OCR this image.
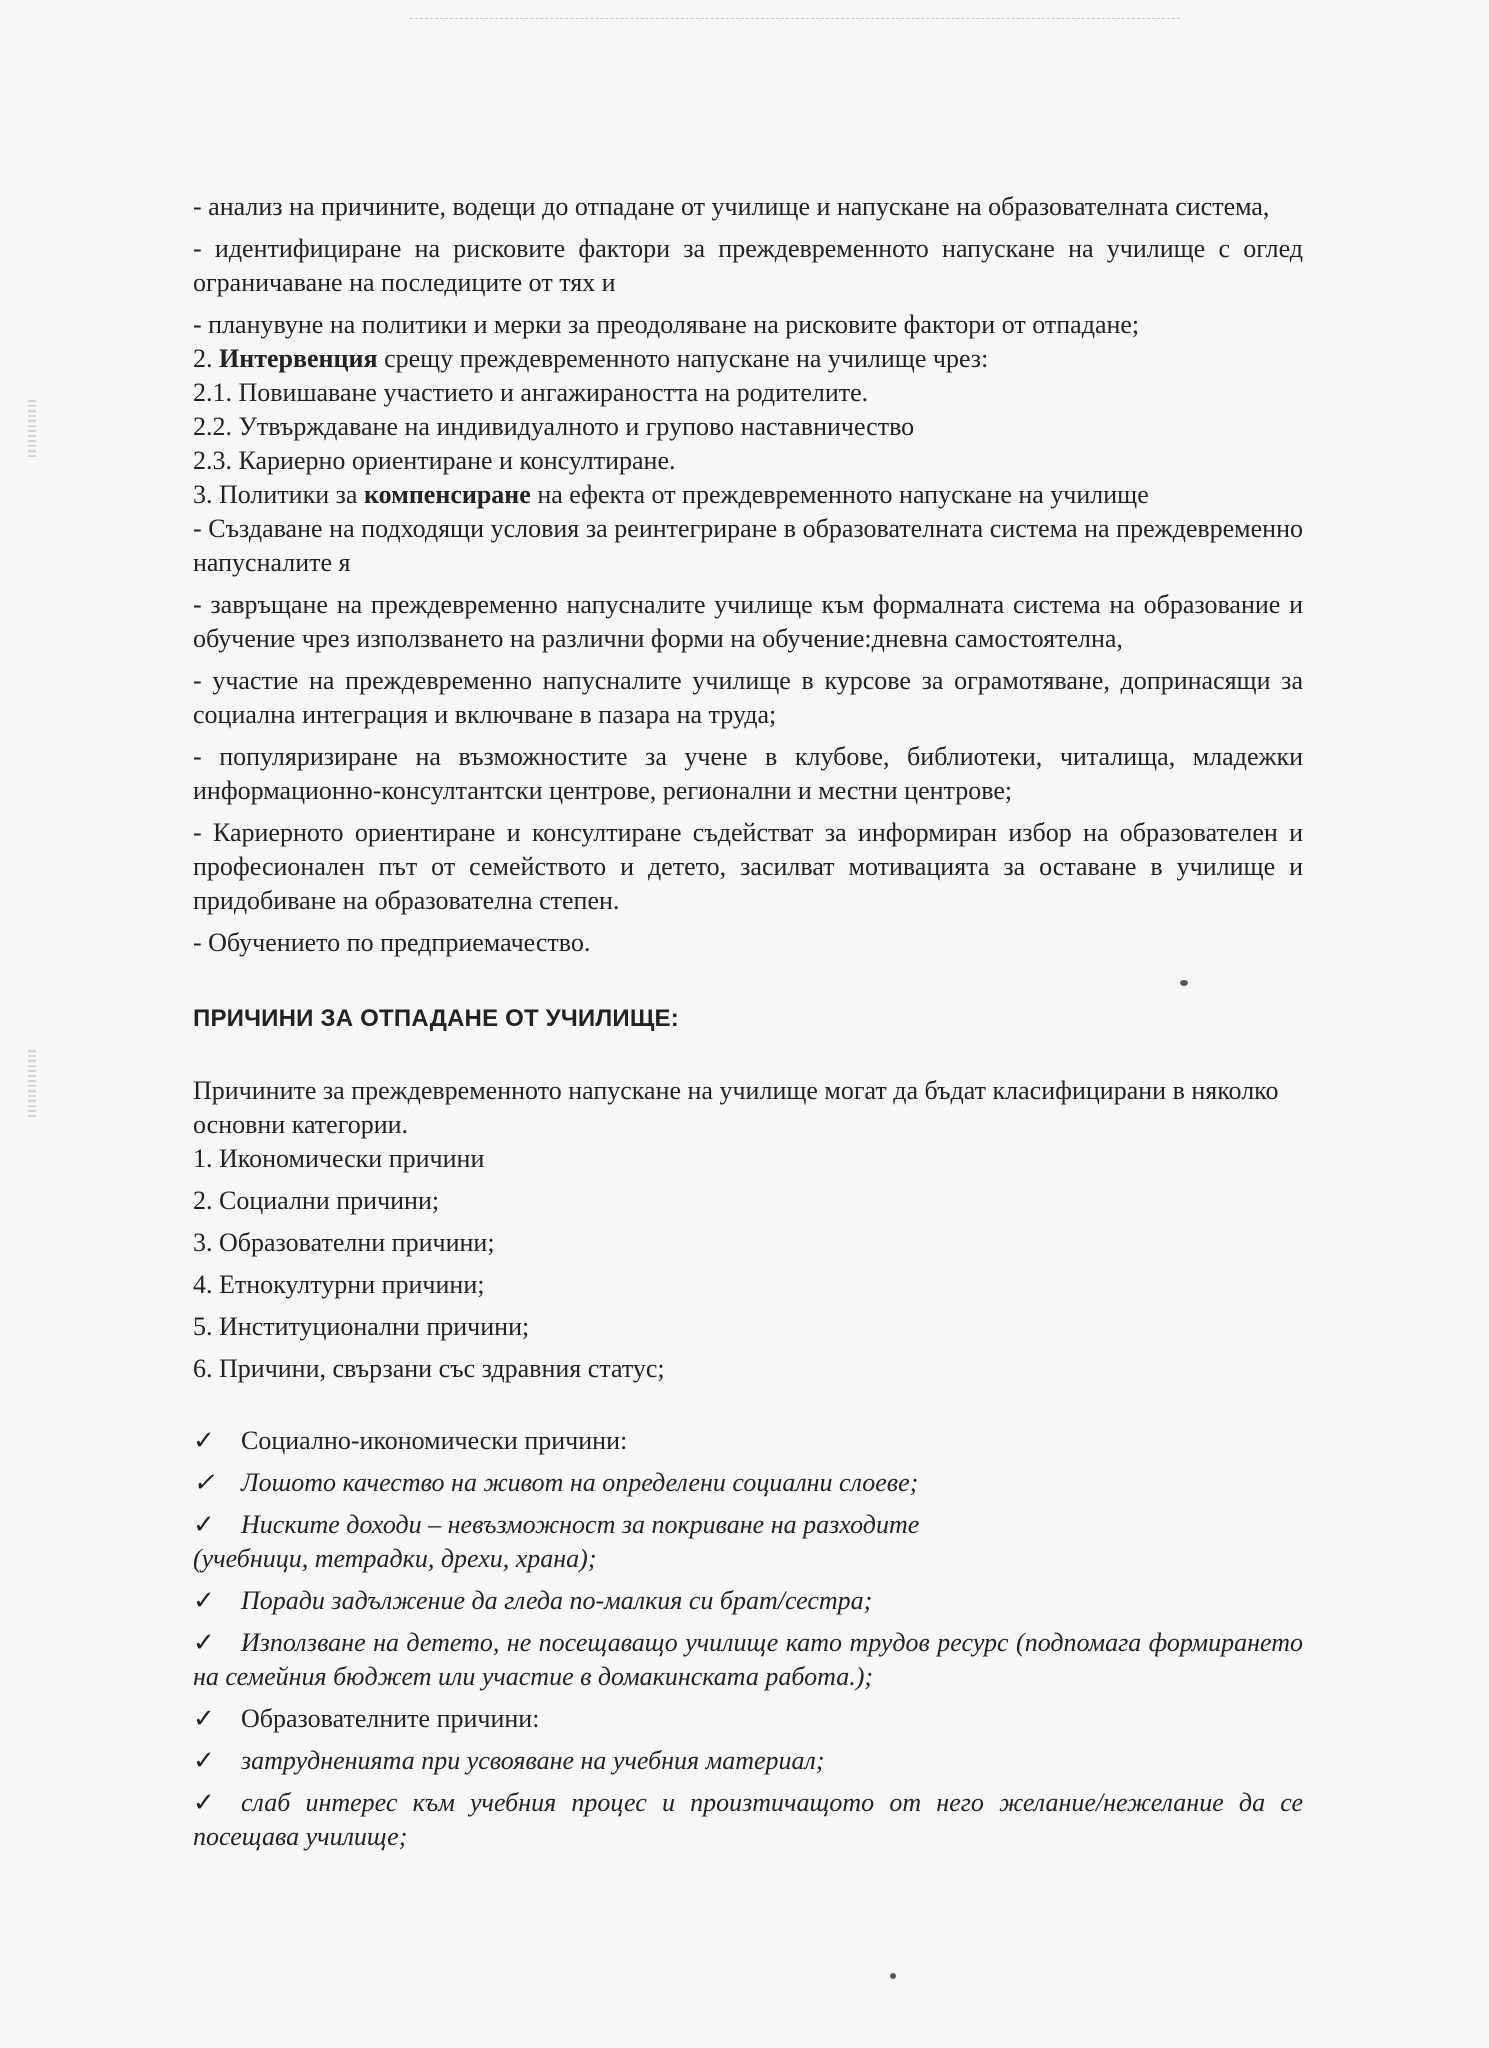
- анализ на причините, водещи до отпадане от училище и напускане на образователната система,

- идентифициране на рисковите фактори за преждевременното напускане на училище с оглед ограничаване на последиците от тях и

- планувуне на политики и мерки за преодоляване на рисковите фактори от отпадане;

2. Интервенция срещу преждевременното напускане на училище чрез:

2.1. Повишаване участието и ангажираността на родителите.

2.2. Утвърждаване на индивидуалното и групово наставничество

2.3. Кариерно ориентиране и консултиране.

3. Политики за компенсиране на ефекта от преждевременното напускане на училище

- Създаване на подходящи условия за реинтегриране в образователната система на преждевременно напусналите я

- завръщане на преждевременно напусналите училище към формалната система на образование и обучение чрез използването на различни форми на обучение:дневна самостоятелна,

- участие на преждевременно напусналите училище в курсове за ограмотяване, допринасящи за социална интеграция и включване в пазара на труда;

- популяризиране на възможностите за учене в клубове, библиотеки, читалища, младежки информационно-консултантски центрове, регионални и местни центрове;

- Кариерното ориентиране и консултиране съдействат за информиран избор на образователен и професионален път от семейството и детето, засилват мотивацията за оставане в училище и придобиване на образователна степен.

- Обучението по предприемачество.

ПРИЧИНИ ЗА ОТПАДАНЕ ОТ УЧИЛИЩЕ:

Причините за преждевременното напускане на училище могат да бъдат класифицирани в няколко основни категории.

1. Икономически причини

2. Социални причини;

3. Образователни причини;

4. Етнокултурни причини;

5. Институционални причини;

6. Причини, свързани със здравния статус;

✓ Социално-икономически причини:

✓ Лошото качество на живот на определени социални слоеве;

✓ Ниските доходи – невъзможност за покриване на разходите

(учебници, тетрадки, дрехи, храна);

✓ Поради задължение да гледа по-малкия си брат/сестра;

✓ Използване на детето, не посещаващо училище като трудов ресурс (подпомага формирането на семейния бюджет или участие в домакинската работа.);

✓ Образователните причини:

✓ затрудненията при усвояване на учебния материал;

✓ слаб интерес към учебния процес и произтичащото от него желание/нежелание да се посещава училище;
